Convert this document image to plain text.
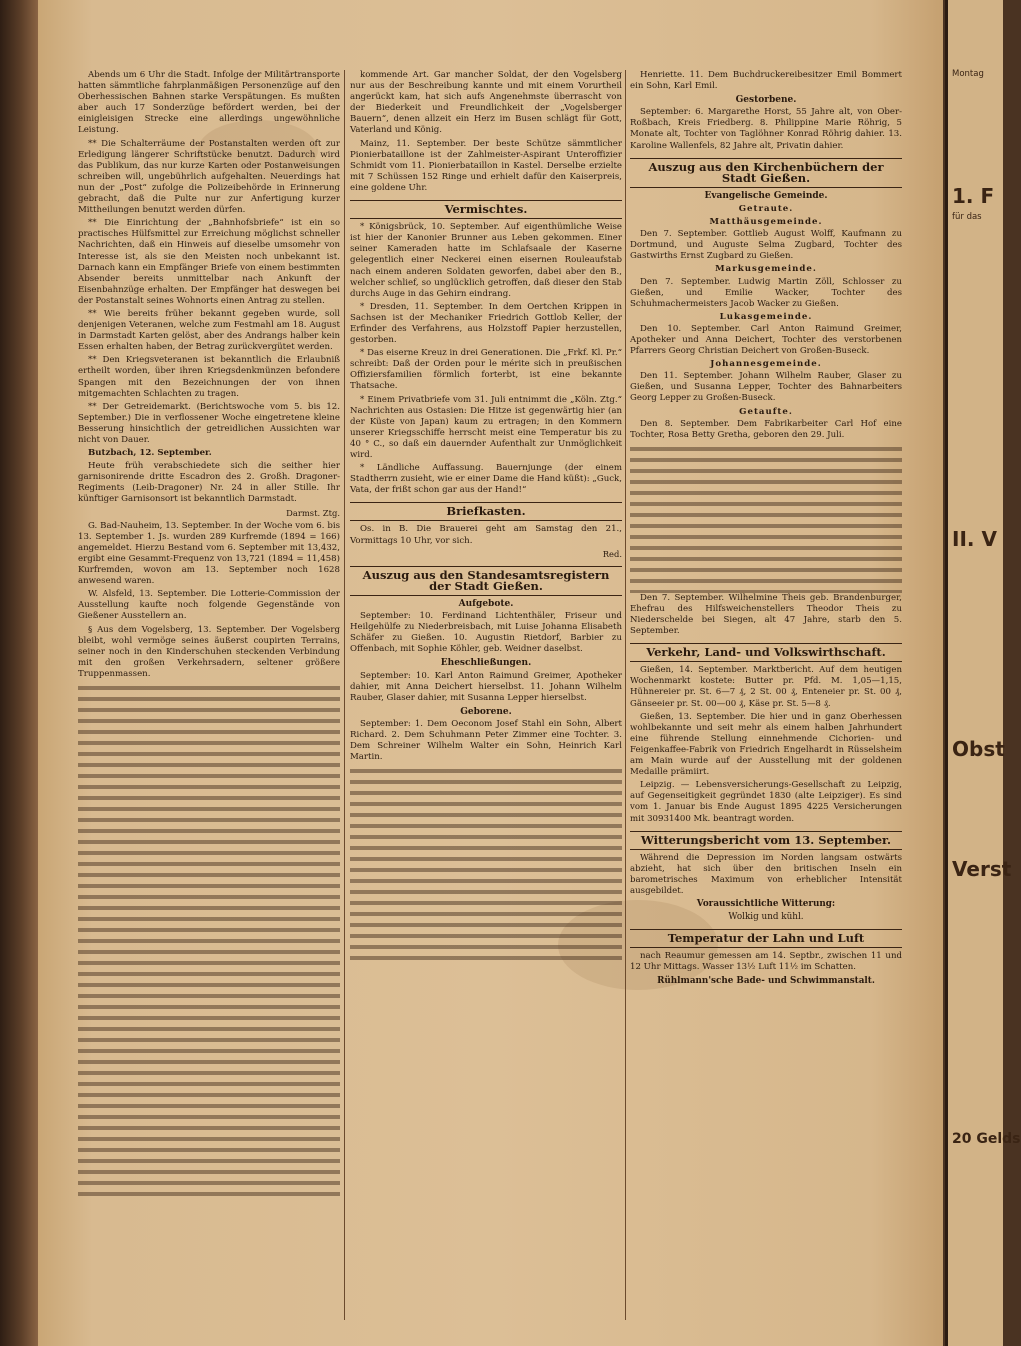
Abends um 6 Uhr die Stadt. Infolge der Militärtransporte hatten sämmtliche fahrplanmäßigen Personenzüge auf den Oberhessischen Bahnen starke Verspätungen. Es mußten aber auch 17 Sonderzüge befördert werden, bei der einigleisigen Strecke eine allerdings ungewöhnliche Leistung.

** Die Schalterräume der Postanstalten werden oft zur Erledigung längerer Schriftstücke benutzt. Dadurch wird das Publikum, das nur kurze Karten oder Postanweisungen schreiben will, ungebührlich aufgehalten. Neuerdings hat nun der „Post“ zufolge die Polizeibehörde in Erinnerung gebracht, daß die Pulte nur zur Anfertigung kurzer Mittheilungen benutzt werden dürfen.

** Die Einrichtung der „Bahnhofsbriefe“ ist ein so practisches Hülfsmittel zur Erreichung möglichst schneller Nachrichten, daß ein Hinweis auf dieselbe umsomehr von Interesse ist, als sie den Meisten noch unbekannt ist. Darnach kann ein Empfänger Briefe von einem bestimmten Absender bereits unmittelbar nach Ankunft der Eisenbahnzüge erhalten. Der Empfänger hat deswegen bei der Postanstalt seines Wohnorts einen Antrag zu stellen.

** Wie bereits früher bekannt gegeben wurde, soll denjenigen Veteranen, welche zum Festmahl am 18. August in Darmstadt Karten gelöst, aber des Andrangs halber kein Essen erhalten haben, der Betrag zurückvergütet werden.

** Den Kriegsveteranen ist bekanntlich die Erlaubniß ertheilt worden, über ihren Kriegsdenkmünzen befondere Spangen mit den Bezeichnungen der von ihnen mitgemachten Schlachten zu tragen.

** Der Getreidemarkt. (Berichtswoche vom 5. bis 12. September.) Die in verflossener Woche eingetretene kleine Besserung hinsichtlich der getreidlichen Aussichten war nicht von Dauer.

Butzbach, 12. September.

Heute früh verabschiedete sich die seither hier garnisonirende dritte Escadron des 2. Großh. Dragoner-Regiments (Leib-Dragoner) Nr. 24 in aller Stille. Ihr künftiger Garnisonsort ist bekanntlich Darmstadt.

Darmst. Ztg.

G. Bad-Nauheim, 13. September. In der Woche vom 6. bis 13. September 1. Js. wurden 289 Kurfremde (1894 = 166) angemeldet. Hierzu Bestand vom 6. September mit 13,432, ergibt eine Gesammt-Frequenz von 13,721 (1894 = 11,458) Kurfremden, wovon am 13. September noch 1628 anwesend waren.

W. Alsfeld, 13. September. Die Lotterie-Commission der Ausstellung kaufte noch folgende Gegenstände von Gießener Ausstellern an.

§ Aus dem Vogelsberg, 13. September. Der Vogelsberg bleibt, wohl vermöge seines äußerst coupirten Terrains, seiner noch in den Kinderschuhen steckenden Verbindung mit den großen Verkehrsadern, seltener größere Truppenmassen.

kommende Art. Gar mancher Soldat, der den Vogelsberg nur aus der Beschreibung kannte und mit einem Vorurtheil angerückt kam, hat sich aufs Angenehmste überrascht von der Biederkeit und Freundlichkeit der „Vogelsberger Bauern“, denen allzeit ein Herz im Busen schlägt für Gott, Vaterland und König.

Mainz, 11. September. Der beste Schütze sämmtlicher Pionierbataillone ist der Zahlmeister-Aspirant Unteroffizier Schmidt vom 11. Pionierbataillon in Kastel. Derselbe erzielte mit 7 Schüssen 152 Ringe und erhielt dafür den Kaiserpreis, eine goldene Uhr.

Vermischtes.

* Königsbrück, 10. September. Auf eigenthümliche Weise ist hier der Kanonier Brunner aus Leben gekommen. Einer seiner Kameraden hatte im Schlafsaale der Kaserne gelegentlich einer Neckerei einen eisernen Rouleaufstab nach einem anderen Soldaten geworfen, dabei aber den B., welcher schlief, so unglücklich getroffen, daß dieser den Stab durchs Auge in das Gehirn eindrang.

* Dresden, 11. September. In dem Oertchen Krippen in Sachsen ist der Mechaniker Friedrich Gottlob Keller, der Erfinder des Verfahrens, aus Holzstoff Papier herzustellen, gestorben.

* Das eiserne Kreuz in drei Generationen. Die „Frkf. Kl. Pr.“ schreibt: Daß der Orden pour le mérite sich in preußischen Offiziersfamilien förmlich forterbt, ist eine bekannte Thatsache.

* Einem Privatbriefe vom 31. Juli entnimmt die „Köln. Ztg.“ Nachrichten aus Ostasien: Die Hitze ist gegenwärtig hier (an der Küste von Japan) kaum zu ertragen; in den Kommern unserer Kriegsschiffe herrscht meist eine Temperatur bis zu 40 ° C., so daß ein dauernder Aufenthalt zur Unmöglichkeit wird.

* Ländliche Auffassung. Bauernjunge (der einem Stadtherrn zusieht, wie er einer Dame die Hand küßt): „Guck, Vata, der frißt schon gar aus der Hand!“

Briefkasten.

Os. in B. Die Brauerei geht am Samstag den 21., Vormittags 10 Uhr, vor sich.

Red.
Auszug aus den Standesamtsregistern der Stadt Gießen.
Aufgebote.

September: 10. Ferdinand Lichtenthäler, Friseur und Heilgehülfe zu Niederbreisbach, mit Luise Johanna Elisabeth Schäfer zu Gießen. 10. Augustin Rietdorf, Barbier zu Offenbach, mit Sophie Köhler, geb. Weidner daselbst.

Eheschließungen.

September: 10. Karl Anton Raimund Greimer, Apotheker dahier, mit Anna Deichert hierselbst. 11. Johann Wilhelm Rauber, Glaser dahier, mit Susanna Lepper hierselbst.

Geborene.

September: 1. Dem Oeconom Josef Stahl ein Sohn, Albert Richard. 2. Dem Schuhmann Peter Zimmer eine Tochter. 3. Dem Schreiner Wilhelm Walter ein Sohn, Heinrich Karl Martin.

Henriette. 11. Dem Buchdruckereibesitzer Emil Bommert ein Sohn, Karl Emil.

Gestorbene.

September: 6. Margarethe Horst, 55 Jahre alt, von Ober-Roßbach, Kreis Friedberg. 8. Philippine Marie Röhrig, 5 Monate alt, Tochter von Taglöhner Konrad Röhrig dahier. 13. Karoline Wallenfels, 82 Jahre alt, Privatin dahier.

Auszug aus den Kirchenbüchern der Stadt Gießen.
Evangelische Gemeinde.
Getraute.
Matthäusgemeinde.

Den 7. September. Gottlieb August Wolff, Kaufmann zu Dortmund, und Auguste Selma Zugbard, Tochter des Gastwirths Ernst Zugbard zu Gießen.

Markusgemeinde.

Den 7. September. Ludwig Martin Zöll, Schlosser zu Gießen, und Emilie Wacker, Tochter des Schuhmachermeisters Jacob Wacker zu Gießen.

Lukasgemeinde.

Den 10. September. Carl Anton Raimund Greimer, Apotheker und Anna Deichert, Tochter des verstorbenen Pfarrers Georg Christian Deichert von Großen-Buseck.

Johannesgemeinde.

Den 11. September. Johann Wilhelm Rauber, Glaser zu Gießen, und Susanna Lepper, Tochter des Bahnarbeiters Georg Lepper zu Großen-Buseck.

Getaufte.

Den 8. September. Dem Fabrikarbeiter Carl Hof eine Tochter, Rosa Betty Gretha, geboren den 29. Juli.

Den 7. September. Wilhelmine Theis geb. Brandenburger, Ehefrau des Hilfsweichenstellers Theodor Theis zu Niederschelde bei Siegen, alt 47 Jahre, starb den 5. September.

Verkehr, Land- und Volkswirthschaft.

Gießen, 14. September. Marktbericht. Auf dem heutigen Wochenmarkt kostete: Butter pr. Pfd. M. 1,05—1,15, Hühnereier pr. St. 6—7 ₰, 2 St. 00 ₰, Enteneier pr. St. 00 ₰, Gänseeier pr. St. 00—00 ₰, Käse pr. St. 5—8 ₰.

Gießen, 13. September. Die hier und in ganz Oberhessen wohlbekannte und seit mehr als einem halben Jahrhundert eine führende Stellung einnehmende Cichorien- und Feigenkaffee-Fabrik von Friedrich Engelhardt in Rüsselsheim am Main wurde auf der Ausstellung mit der goldenen Medaille prämiirt.

Leipzig. — Lebensversicherungs-Gesellschaft zu Leipzig, auf Gegenseitigkeit gegründet 1830 (alte Leipziger). Es sind vom 1. Januar bis Ende August 1895 4225 Versicherungen mit 30931400 Mk. beantragt worden.

Witterungsbericht vom 13. September.

Während die Depression im Norden langsam ostwärts abzieht, hat sich über den britischen Inseln ein barometrisches Maximum von erheblicher Intensität ausgebildet.

Voraussichtliche Witterung:
Wolkig und kühl.
Temperatur der Lahn und Luft

nach Reaumur gemessen am 14. Septbr., zwischen 11 und 12 Uhr Mittags. Wasser 13½ Luft 11½ im Schatten.

Rühlmann'sche Bade- und Schwimmanstalt.
Montag
1. F
für das
II. V
Obst
Verst
20 Gelds
